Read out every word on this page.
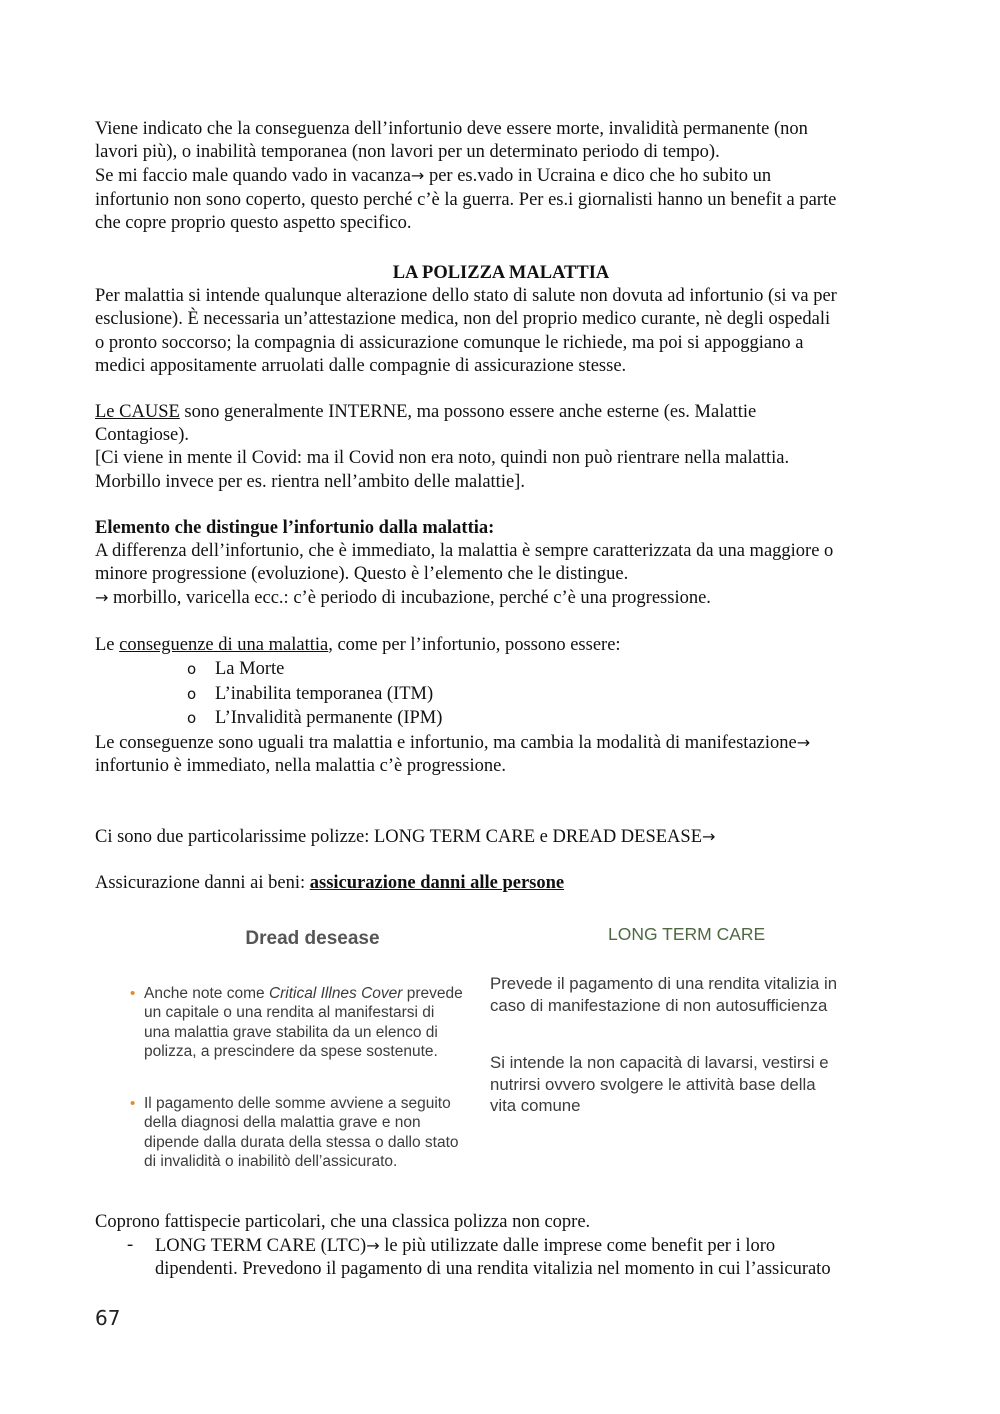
Viene indicato che la conseguenza dell’infortunio deve essere morte, invalidità permanente (non

lavori più), o inabilità temporanea (non lavori per un determinato periodo di tempo).

Se mi faccio male quando vado in vacanza→ per es.vado in Ucraina e dico che ho subito un

infortunio non sono coperto, questo perché c’è la guerra. Per es.i giornalisti hanno un benefit a parte

che copre proprio questo aspetto specifico.

LA POLIZZA MALATTIA

Per malattia si intende qualunque alterazione dello stato di salute non dovuta ad infortunio (si va per

esclusione). È necessaria un’attestazione medica, non del proprio medico curante, nè degli ospedali

o pronto soccorso; la compagnia di assicurazione comunque le richiede, ma poi si appoggiano a

medici appositamente arruolati dalle compagnie di assicurazione stesse.

Le CAUSE sono generalmente INTERNE, ma possono essere anche esterne (es. Malattie

Contagiose).

[Ci viene in mente il Covid: ma il Covid non era noto, quindi non può rientrare nella malattia.

Morbillo invece per es. rientra nell’ambito delle malattie].

Elemento che distingue l’infortunio dalla malattia:

A differenza dell’infortunio, che è immediato, la malattia è sempre caratterizzata da una maggiore o

minore progressione (evoluzione). Questo è l’elemento che le distingue.

→ morbillo, varicella ecc.: c’è periodo di incubazione, perché c’è una progressione.

Le conseguenze di una malattia, come per l’infortunio, possono essere:

o La Morte
o L’inabilita temporanea (ITM)
o L’Invalidità permanente (IPM)

Le conseguenze sono uguali tra malattia e infortunio, ma cambia la modalità di manifestazione→

infortunio è immediato, nella malattia c’è progressione.

Ci sono due particolarissime polizze: LONG TERM CARE e DREAD DESEASE→

Assicurazione danni ai beni: assicurazione danni alle persone

Dread desease
• Anche note come Critical Illnes Cover prevede
un capitale o una rendita al manifestarsi di
una malattia grave stabilita da un elenco di
polizza, a prescindere da spese sostenute.
• Il pagamento delle somme avviene a seguito
della diagnosi della malattia grave e non
dipende dalla durata della stessa o dallo stato
di invalidità o inabilitò dell’assicurato.
LONG TERM CARE
Prevede il pagamento di una rendita vitalizia in
caso di manifestazione di non autosufficienza
Si intende la non capacità di lavarsi, vestirsi e
nutrirsi ovvero svolgere le attività base della
vita comune

Coprono fattispecie particolari, che una classica polizza non copre.

- LONG TERM CARE (LTC)→ le più utilizzate dalle imprese come benefit per i loro
dipendenti. Prevedono il pagamento di una rendita vitalizia nel momento in cui l’assicurato
67
